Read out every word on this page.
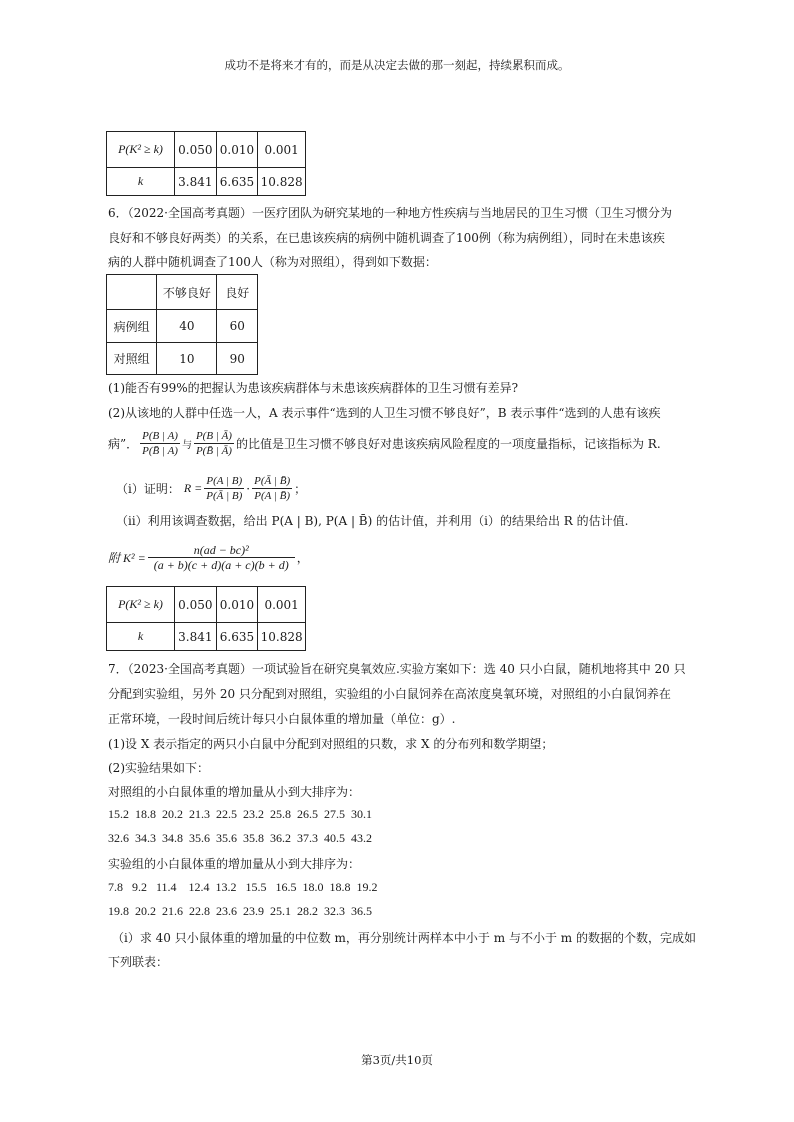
成功不是将来才有的，而是从决定去做的那一刻起，持续累积而成。
P(K² ≥ k)	0.050	0.010	0.001
k	3.841	6.635	10.828
6．（2022·全国高考真题）一医疗团队为研究某地的一种地方性疾病与当地居民的卫生习惯（卫生习惯分为
良好和不够良好两类）的关系，在已患该疾病的病例中随机调查了100例（称为病例组），同时在未患该疾
病的人群中随机调查了100人（称为对照组），得到如下数据：
	不够良好	良好
病例组	40	60
对照组	10	90
(1)能否有99%的把握认为患该疾病群体与未患该疾病群体的卫生习惯有差异?
(2)从该地的人群中任选一人，A 表示事件“选到的人卫生习惯不够良好”，B 表示事件“选到的人患有该疾
病”． $\frac{P(B | A)}{P(B̄ | A)}$ 与 $\frac{P(B | Ā)}{P(B̄ | Ā)}$ 的比值是卫生习惯不够良好对患该疾病风险程度的一项度量指标，记该指标为 R.
（ⅰ）证明： $R = \frac{P(A | B)}{P(Ā | B)} \cdot \frac{P(Ā | B̄)}{P(A | B̄)}$ ；
（ⅱ）利用该调查数据，给出 P(A | B), P(A | B̄) 的估计值，并利用（ⅰ）的结果给出 R 的估计值.
附 $K^2 = \frac{\text{n(ad − bc)²}}{(a + b)(c + d)(a + c)(b + d)}$ ，
P(K² ≥ k)	0.050	0.010	0.001
k	3.841	6.635	10.828
7．（2023·全国高考真题）一项试验旨在研究臭氧效应.实验方案如下：选 40 只小白鼠，随机地将其中 20 只
分配到实验组，另外 20 只分配到对照组，实验组的小白鼠饲养在高浓度臭氧环境，对照组的小白鼠饲养在
正常环境，一段时间后统计每只小白鼠体重的增加量（单位：g）.
(1)设 X 表示指定的两只小白鼠中分配到对照组的只数，求 X 的分布列和数学期望；
(2)实验结果如下：
对照组的小白鼠体重的增加量从小到大排序为：
15.2  18.8  20.2  21.3  22.5  23.2  25.8  26.5  27.5  30.1
32.6  34.3  34.8  35.6  35.6  35.8  36.2  37.3  40.5  43.2
实验组的小白鼠体重的增加量从小到大排序为：
7.8   9.2   11.4    12.4  13.2   15.5   16.5  18.0  18.8  19.2
19.8  20.2  21.6  22.8  23.6  23.9  25.1  28.2  32.3  36.5
（i）求 40 只小鼠体重的增加量的中位数 m，再分别统计两样本中小于 m 与不小于 m 的数据的个数，完成如
下列联表：
第3页/共10页
